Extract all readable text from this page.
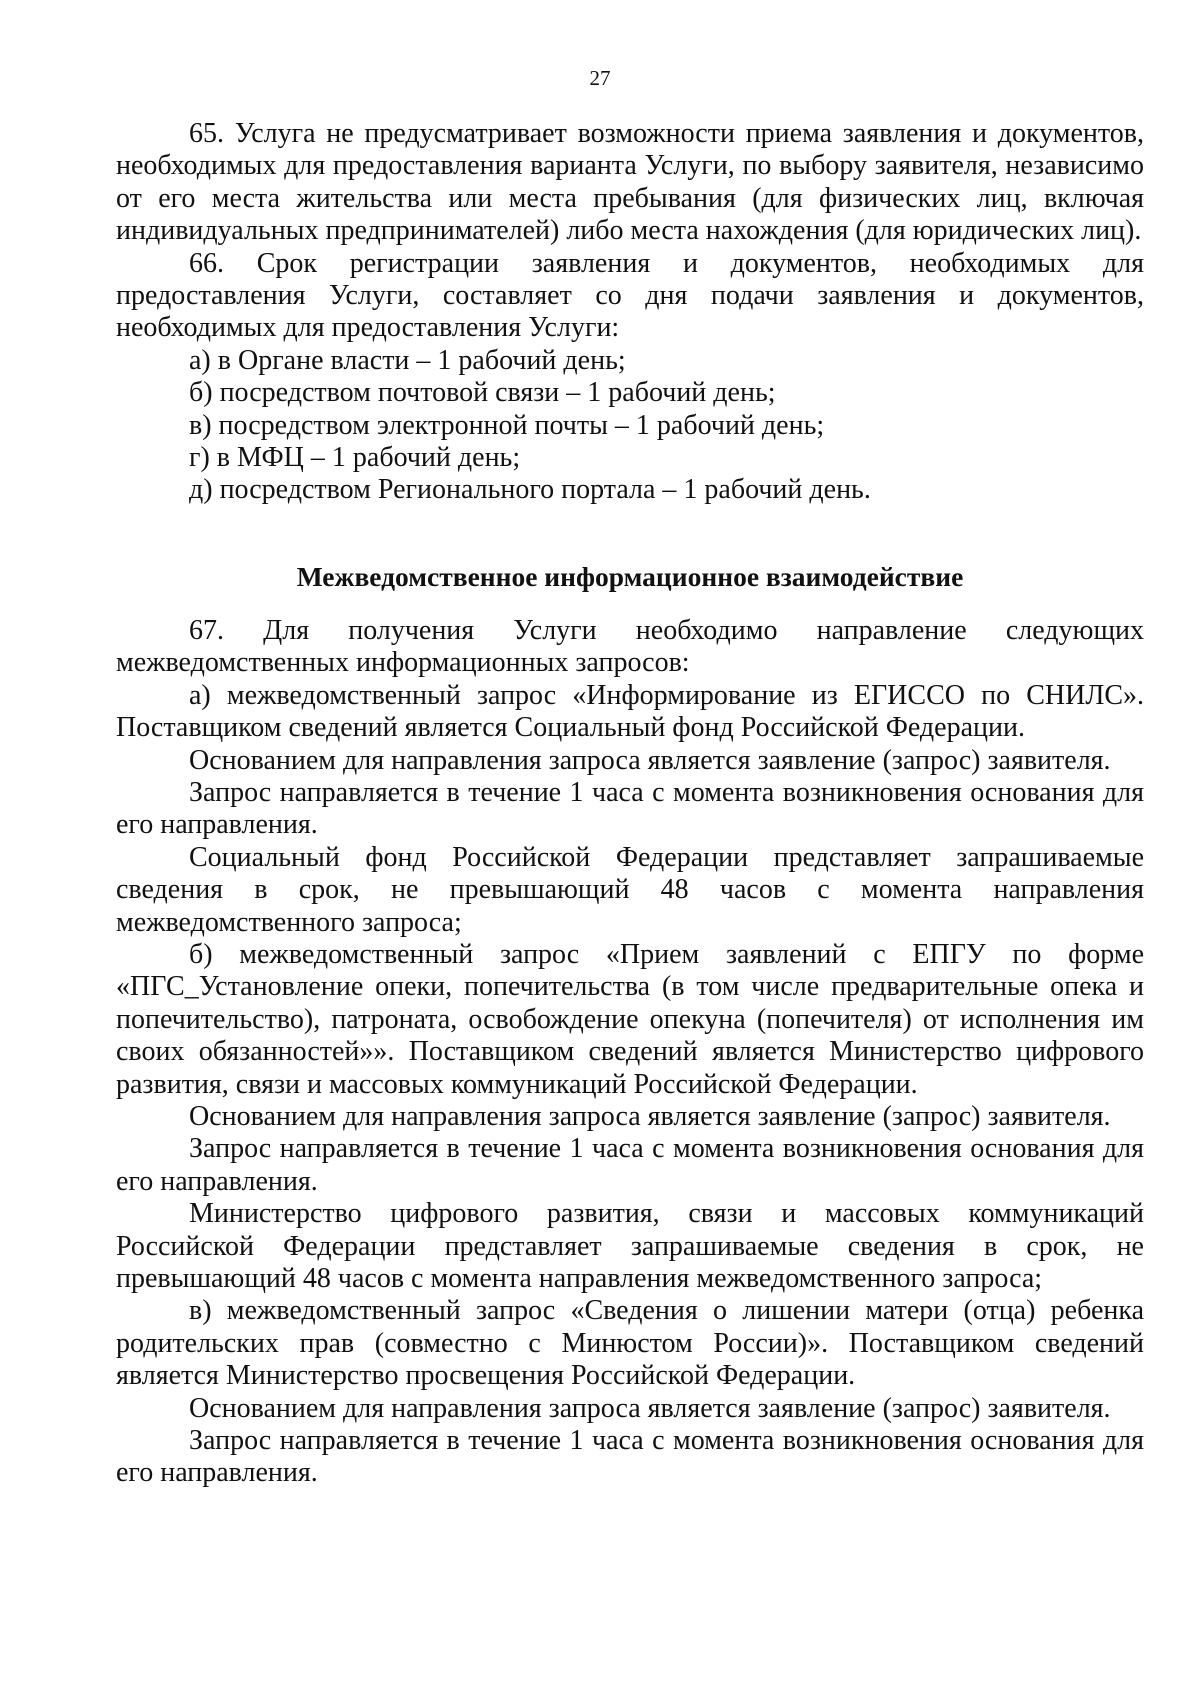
27

65. Услуга не предусматривает возможности приема заявления и документов, необходимых для предоставления варианта Услуги, по выбору заявителя, независимо от его места жительства или места пребывания (для физических лиц, включая индивидуальных предпринимателей) либо места нахождения (для юридических лиц).

66. Срок регистрации заявления и документов, необходимых для предоставления Услуги, составляет со дня подачи заявления и документов, необходимых для предоставления Услуги:

а) в Органе власти – 1 рабочий день;

б) посредством почтовой связи – 1 рабочий день;

в) посредством электронной почты – 1 рабочий день;

г) в МФЦ – 1 рабочий день;

д) посредством Регионального портала – 1 рабочий день.

Межведомственное информационное взаимодействие

67. Для получения Услуги необходимо направление следующих межведомственных информационных запросов:

а) межведомственный запрос «Информирование из ЕГИССО по СНИЛС». Поставщиком сведений является Социальный фонд Российской Федерации.

Основанием для направления запроса является заявление (запрос) заявителя.

Запрос направляется в течение 1 часа с момента возникновения основания для его направления.

Социальный фонд Российской Федерации представляет запрашиваемые сведения в срок, не превышающий 48 часов с момента направления межведомственного запроса;

б) межведомственный запрос «Прием заявлений с ЕПГУ по форме «ПГС_Установление опеки, попечительства (в том числе предварительные опека и попечительство), патроната, освобождение опекуна (попечителя) от исполнения им своих обязанностей»». Поставщиком сведений является Министерство цифрового развития, связи и массовых коммуникаций Российской Федерации.

Основанием для направления запроса является заявление (запрос) заявителя.

Запрос направляется в течение 1 часа с момента возникновения основания для его направления.

Министерство цифрового развития, связи и массовых коммуникаций Российской Федерации представляет запрашиваемые сведения в срок, не превышающий 48 часов с момента направления межведомственного запроса;

в) межведомственный запрос «Сведения о лишении матери (отца) ребенка родительских прав (совместно с Минюстом России)». Поставщиком сведений является Министерство просвещения Российской Федерации.

Основанием для направления запроса является заявление (запрос) заявителя.

Запрос направляется в течение 1 часа с момента возникновения основания для его направления.
